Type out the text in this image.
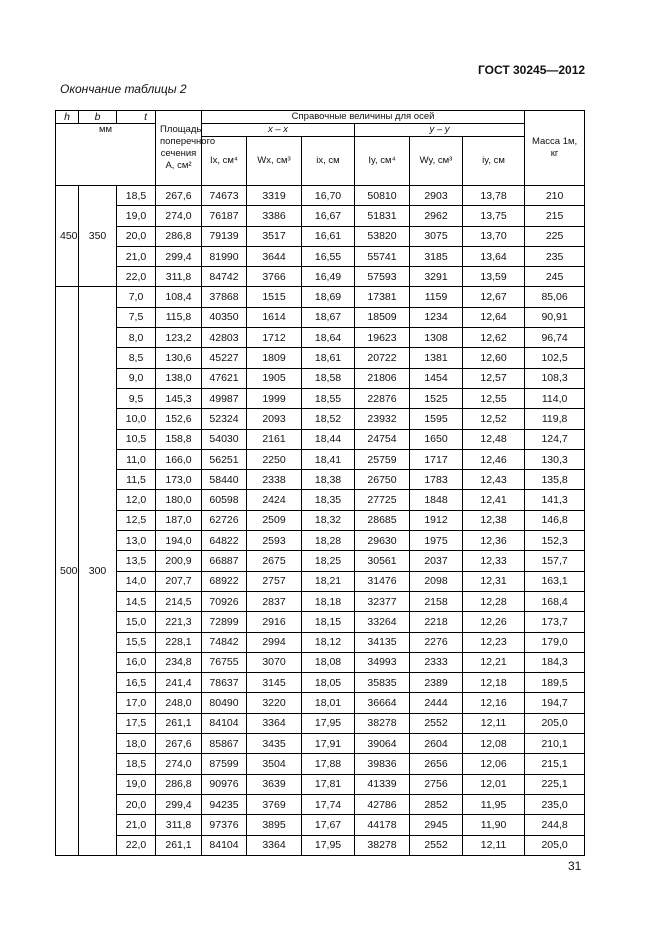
ГОСТ 30245—2012
Окончание таблицы 2
h	b	t	Площадь поперечного сечения A, см²	Справочные величины для осей						Масса 1м, кг
мм				x – x			y – y			
				Ix, см⁴	Wx, см³	ix, см	Iy, см⁴	Wy, см³	iy, см	
450	350	18,5	267,6	74673	3319	16,70	50810	2903	13,78	210
		19,0	274,0	76187	3386	16,67	51831	2962	13,75	215
		20,0	286,8	79139	3517	16,61	53820	3075	13,70	225
		21,0	299,4	81990	3644	16,55	55741	3185	13,64	235
		22,0	311,8	84742	3766	16,49	57593	3291	13,59	245
500	300	7,0	108,4	37868	1515	18,69	17381	1159	12,67	85,06
		7,5	115,8	40350	1614	18,67	18509	1234	12,64	90,91
		8,0	123,2	42803	1712	18,64	19623	1308	12,62	96,74
		8,5	130,6	45227	1809	18,61	20722	1381	12,60	102,5
		9,0	138,0	47621	1905	18,58	21806	1454	12,57	108,3
		9,5	145,3	49987	1999	18,55	22876	1525	12,55	114,0
		10,0	152,6	52324	2093	18,52	23932	1595	12,52	119,8
		10,5	158,8	54030	2161	18,44	24754	1650	12,48	124,7
		11,0	166,0	56251	2250	18,41	25759	1717	12,46	130,3
		11,5	173,0	58440	2338	18,38	26750	1783	12,43	135,8
		12,0	180,0	60598	2424	18,35	27725	1848	12,41	141,3
		12,5	187,0	62726	2509	18,32	28685	1912	12,38	146,8
		13,0	194,0	64822	2593	18,28	29630	1975	12,36	152,3
		13,5	200,9	66887	2675	18,25	30561	2037	12,33	157,7
		14,0	207,7	68922	2757	18,21	31476	2098	12,31	163,1
		14,5	214,5	70926	2837	18,18	32377	2158	12,28	168,4
		15,0	221,3	72899	2916	18,15	33264	2218	12,26	173,7
		15,5	228,1	74842	2994	18,12	34135	2276	12,23	179,0
		16,0	234,8	76755	3070	18,08	34993	2333	12,21	184,3
		16,5	241,4	78637	3145	18,05	35835	2389	12,18	189,5
		17,0	248,0	80490	3220	18,01	36664	2444	12,16	194,7
		17,5	261,1	84104	3364	17,95	38278	2552	12,11	205,0
		18,0	267,6	85867	3435	17,91	39064	2604	12,08	210,1
		18,5	274,0	87599	3504	17,88	39836	2656	12,06	215,1
		19,0	286,8	90976	3639	17,81	41339	2756	12,01	225,1
		20,0	299,4	94235	3769	17,74	42786	2852	11,95	235,0
		21,0	311,8	97376	3895	17,67	44178	2945	11,90	244,8
		22,0	261,1	84104	3364	17,95	38278	2552	12,11	205,0
31
